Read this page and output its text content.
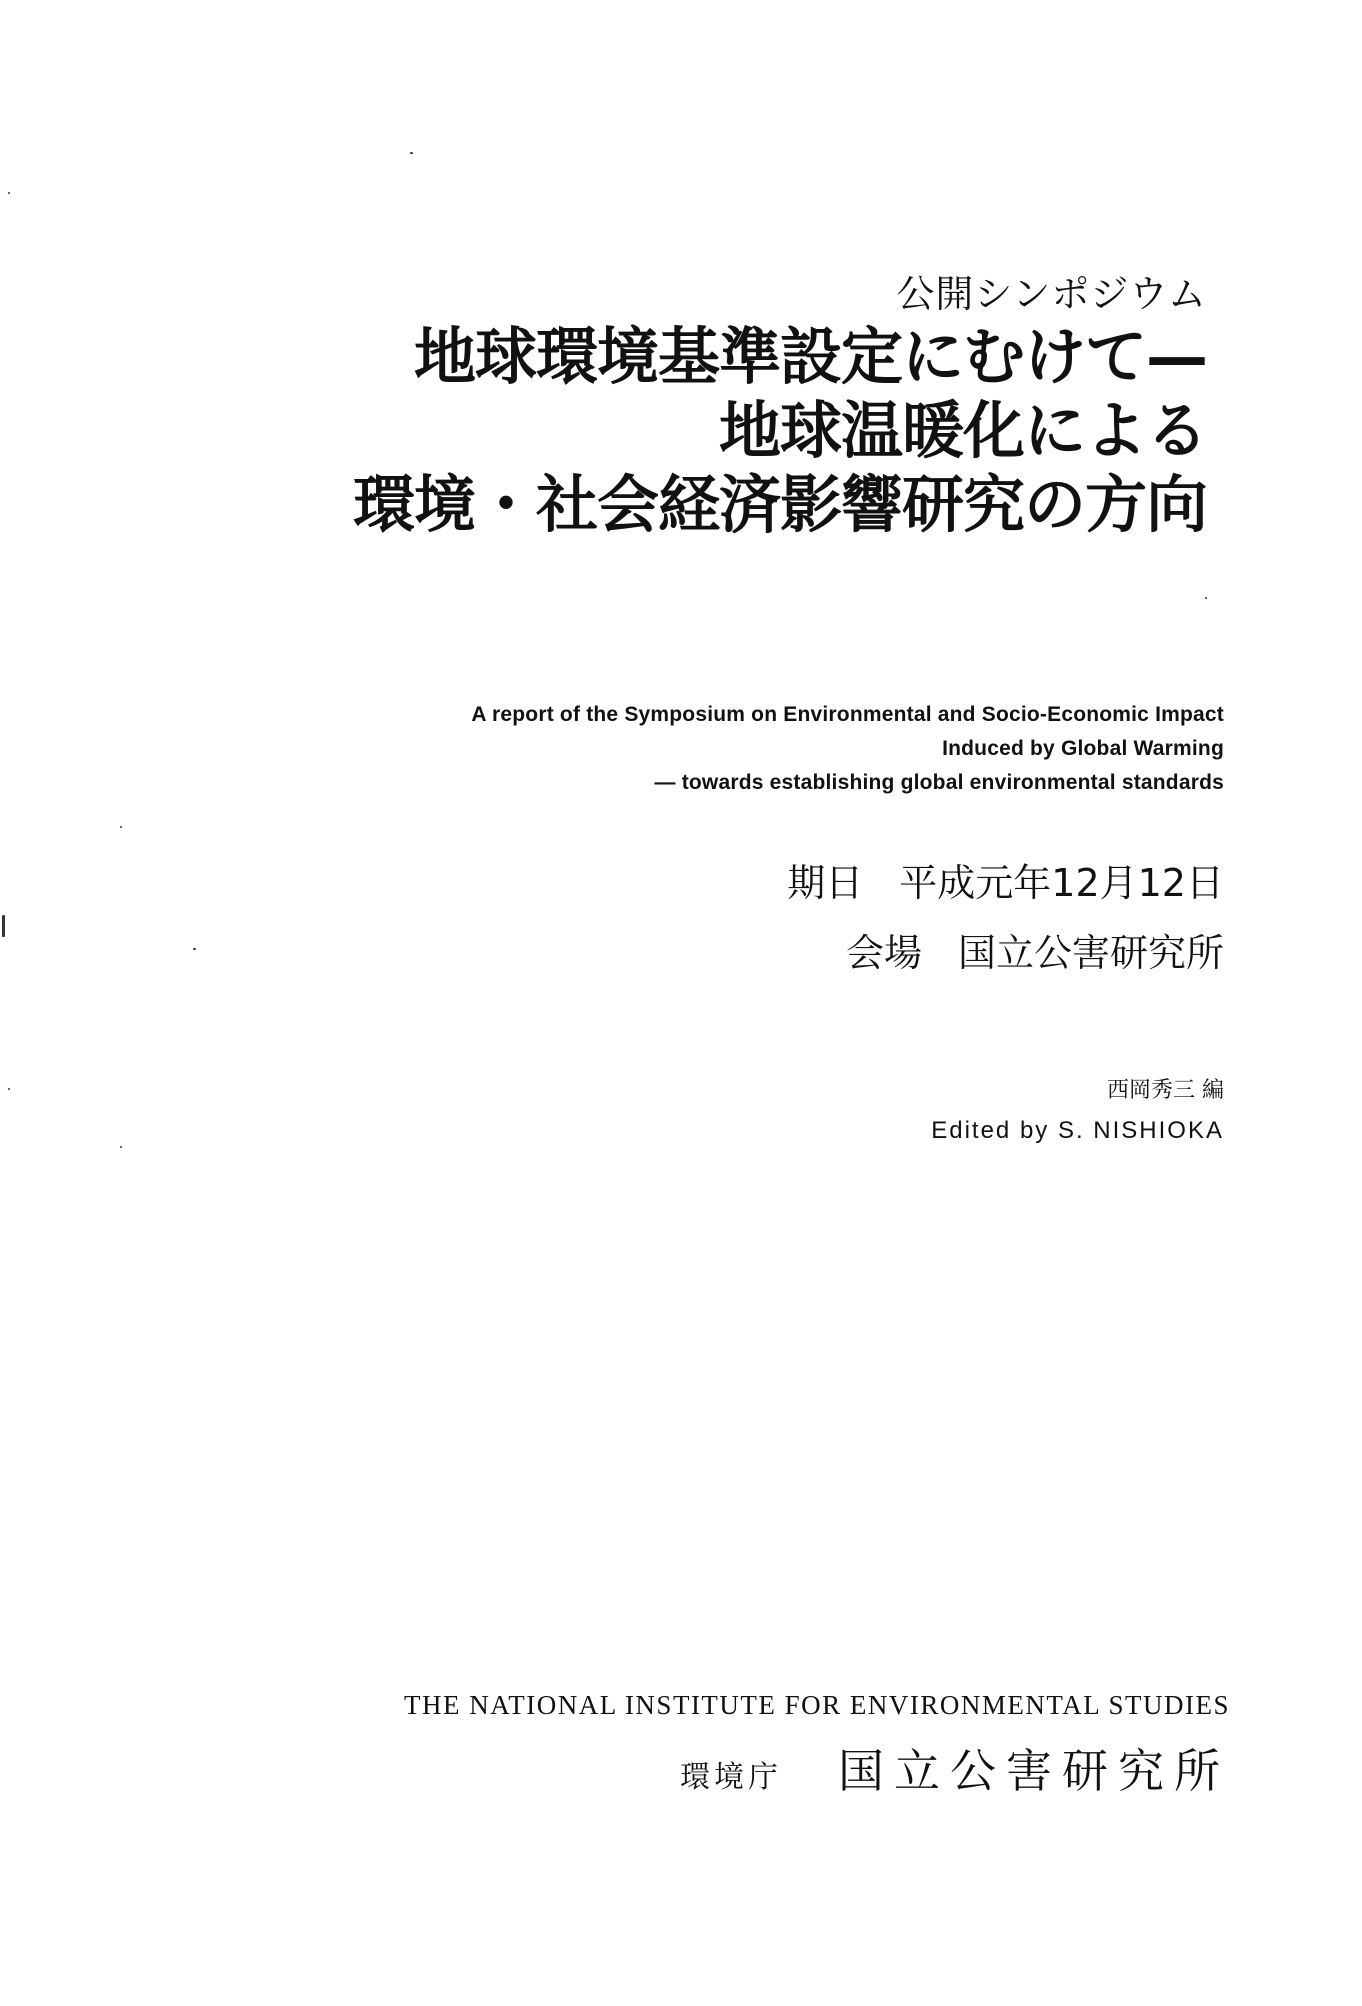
公開シンポジウム
地球環境基準設定にむけて—
地球温暖化による
環境・社会経済影響研究の方向
A report of the Symposium on Environmental and Socio-Economic Impact
Induced by Global Warming
— towards establishing global environmental standards
期日 平成元年12月12日
会場 国立公害研究所
西岡秀三 編
Edited by S. NISHIOKA
THE NATIONAL INSTITUTE FOR ENVIRONMENTAL STUDIES
環境庁 国立公害研究所
